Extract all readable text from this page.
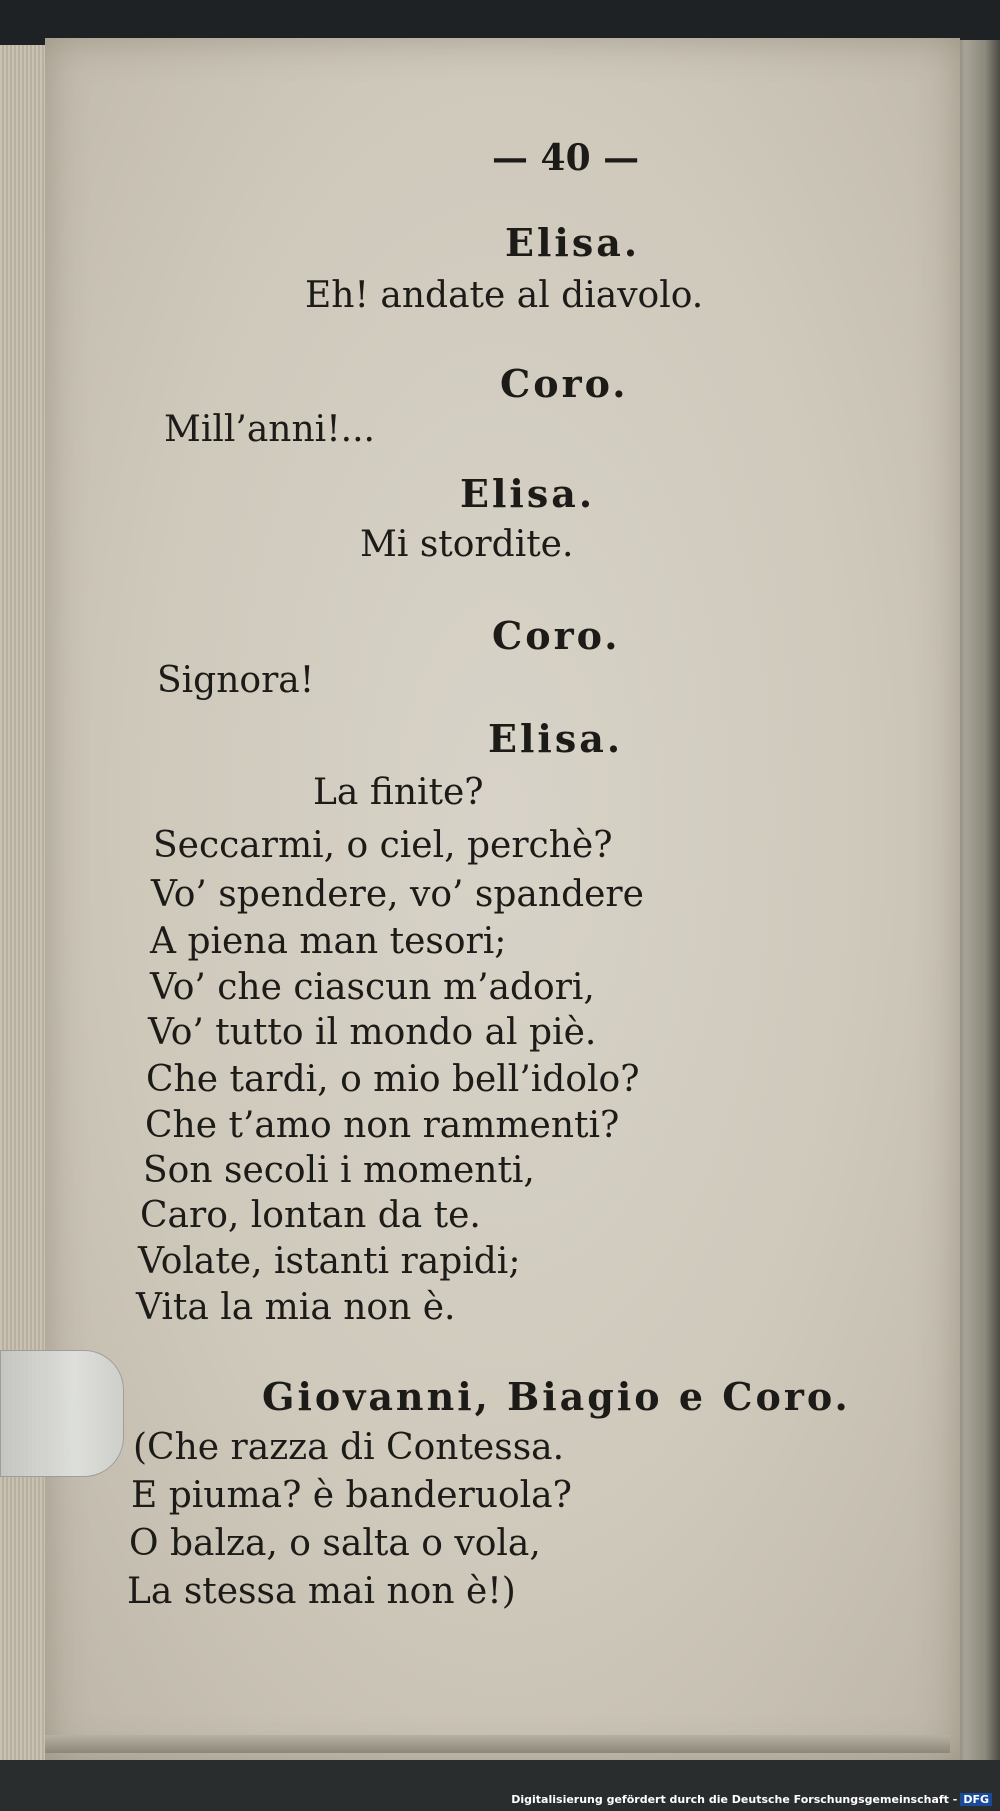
— 40 —
Elisa.
Eh! andate al diavolo.
Coro.
Mill’anni!...
Elisa.
Mi stordite.
Coro.
Signora!
Elisa.
La finite?
Seccarmi, o ciel, perchè?
Vo’ spendere, vo’ spandere
A piena man tesori;
Vo’ che ciascun m’adori,
Vo’ tutto il mondo al piè.
Che tardi, o mio bell’idolo?
Che t’amo non rammenti?
Son secoli i momenti,
Caro, lontan da te.
Volate, istanti rapidi;
Vita la mia non è.
Giovanni, Biagio e Coro.
(Che razza di Contessa.
E piuma? è banderuola?
O balza, o salta o vola,
La stessa mai non è!)
Digitalisierung gefördert durch die Deutsche Forschungsgemeinschaft - DFG
